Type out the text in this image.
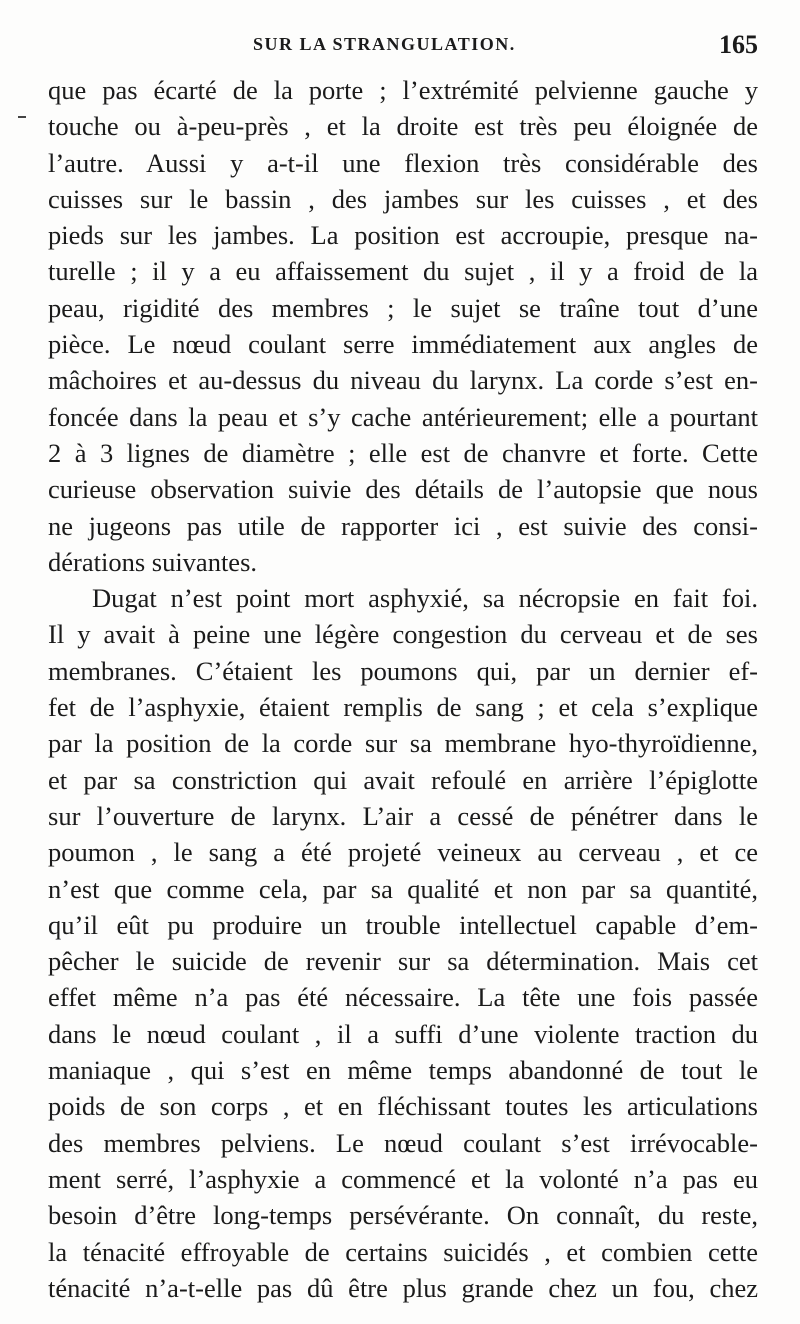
SUR LA STRANGULATION.	165
que pas écarté de la porte ; l’extrémité pelvienne gauche y
touche ou à-peu-près , et la droite est très peu éloignée de
l’autre. Aussi y a-t-il une flexion très considérable des
cuisses sur le bassin , des jambes sur les cuisses , et des
pieds sur les jambes. La position est accroupie, presque na-
turelle ; il y a eu affaissement du sujet , il y a froid de la
peau, rigidité des membres ; le sujet se traîne tout d’une
pièce. Le nœud coulant serre immédiatement aux angles de
mâchoires et au-dessus du niveau du larynx. La corde s’est en-
foncée dans la peau et s’y cache antérieurement; elle a pourtant
2 à 3 lignes de diamètre ; elle est de chanvre et forte. Cette
curieuse observation suivie des détails de l’autopsie que nous
ne jugeons pas utile de rapporter ici , est suivie des consi-
dérations suivantes.
Dugat n’est point mort asphyxié, sa nécropsie en fait foi.
Il y avait à peine une légère congestion du cerveau et de ses
membranes. C’étaient les poumons qui, par un dernier ef-
fet de l’asphyxie, étaient remplis de sang ; et cela s’explique
par la position de la corde sur sa membrane hyo-thyroïdienne,
et par sa constriction qui avait refoulé en arrière l’épiglotte
sur l’ouverture de larynx. L’air a cessé de pénétrer dans le
poumon , le sang a été projeté veineux au cerveau , et ce
n’est que comme cela, par sa qualité et non par sa quantité,
qu’il eût pu produire un trouble intellectuel capable d’em-
pêcher le suicide de revenir sur sa détermination. Mais cet
effet même n’a pas été nécessaire. La tête une fois passée
dans le nœud coulant , il a suffi d’une violente traction du
maniaque , qui s’est en même temps abandonné de tout le
poids de son corps , et en fléchissant toutes les articulations
des membres pelviens. Le nœud coulant s’est irrévocable-
ment serré, l’asphyxie a commencé et la volonté n’a pas eu
besoin d’être long-temps persévérante. On connaît, du reste,
la ténacité effroyable de certains suicidés , et combien cette
ténacité n’a-t-elle pas dû être plus grande chez un fou, chez
